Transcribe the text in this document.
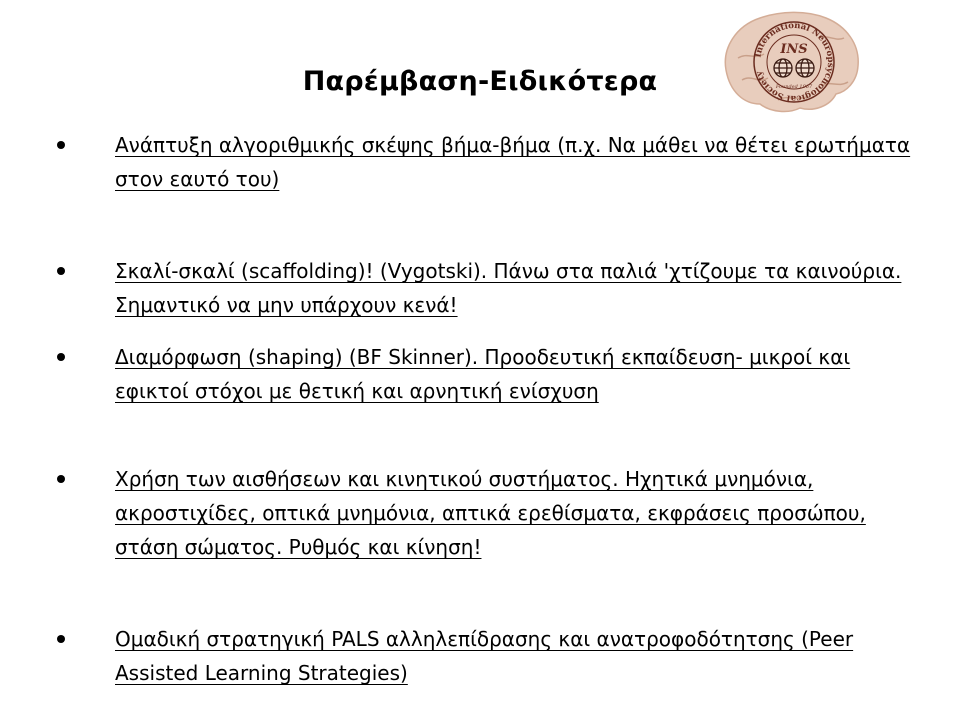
International Neuropsychological Society
INS
Founded 1967
Παρέμβαση-Ειδικότερα
Ανάπτυξη αλγοριθμικής σκέψης βήμα-βήμα (π.χ. Να μάθει να θέτει ερωτήματα στον εαυτό του)
Σκαλί-σκαλί (scaffolding)! (Vygotski). Πάνω στα παλιά 'χτίζουμε τα καινούρια. Σημαντικό να μην υπάρχουν κενά!
Διαμόρφωση (shaping) (BF Skinner). Προοδευτική εκπαίδευση- μικροί και εφικτοί στόχοι με θετική και αρνητική ενίσχυση
Χρήση των αισθήσεων και κινητικού συστήματος. Ηχητικά μνημόνια, ακροστιχίδες, οπτικά μνημόνια, απτικά ερεθίσματα, εκφράσεις προσώπου, στάση σώματος. Ρυθμός και κίνηση!
Ομαδική στρατηγική PALS αλληλεπίδρασης και ανατροφοδότητσης (Peer Assisted Learning Strategies)
